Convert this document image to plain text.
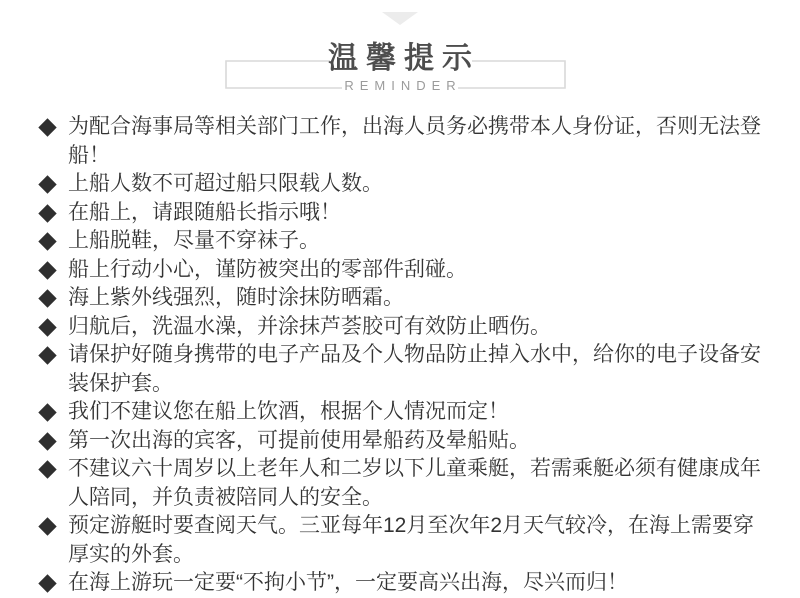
温馨提示
REMINDER
为配合海事局等相关部门工作，出海人员务必携带本人身份证，否则无法登船！
上船人数不可超过船只限载人数。
在船上，请跟随船长指示哦！
上船脱鞋，尽量不穿袜子。
船上行动小心，谨防被突出的零部件刮碰。
海上紫外线强烈，随时涂抹防晒霜。
归航后，洗温水澡，并涂抹芦荟胶可有效防止晒伤。
请保护好随身携带的电子产品及个人物品防止掉入水中，给你的电子设备安装保护套。
我们不建议您在船上饮酒，根据个人情况而定！
第一次出海的宾客，可提前使用晕船药及晕船贴。
不建议六十周岁以上老年人和二岁以下儿童乘艇，若需乘艇必须有健康成年人陪同，并负责被陪同人的安全。
预定游艇时要查阅天气。三亚每年12月至次年2月天气较冷，在海上需要穿厚实的外套。
在海上游玩一定要“不拘小节”，一定要高兴出海，尽兴而归！
